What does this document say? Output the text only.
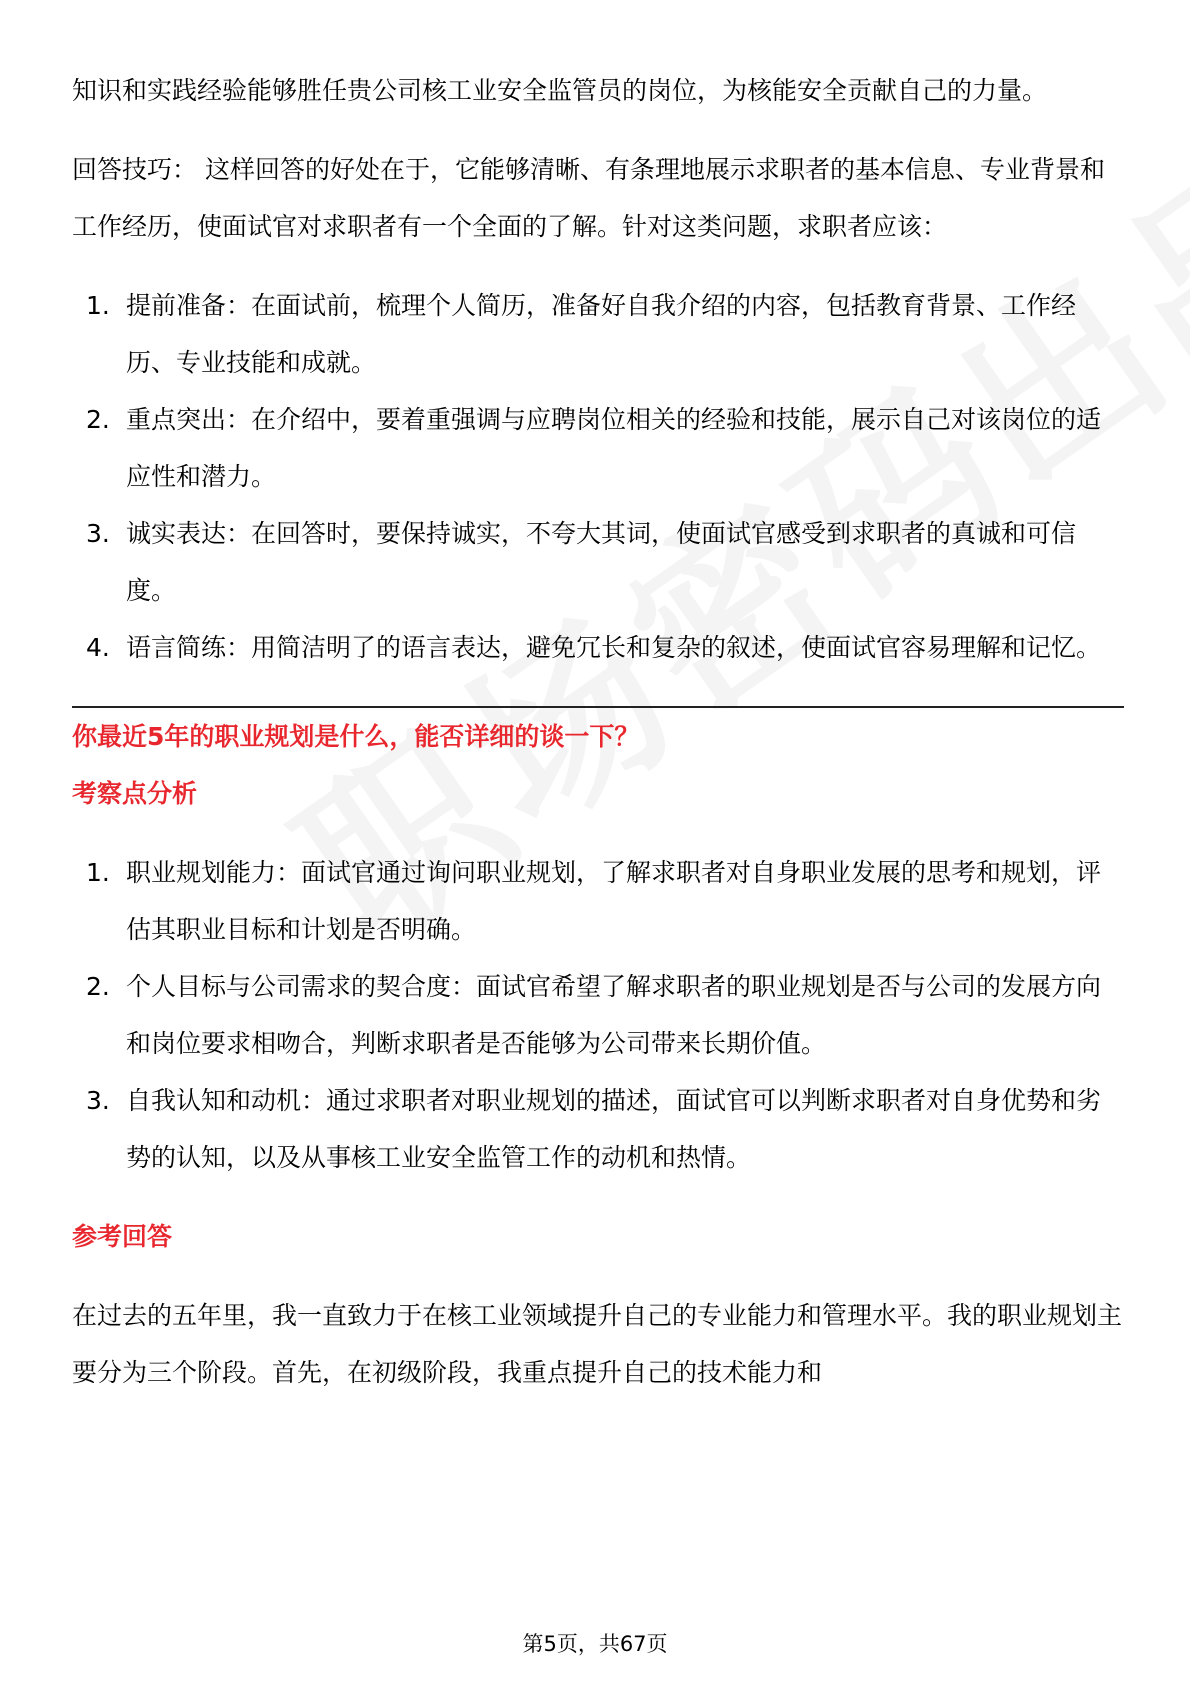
知识和实践经验能够胜任贵公司核工业安全监管员的岗位，为核能安全贡献自己的力量。

回答技巧： 这样回答的好处在于，它能够清晰、有条理地展示求职者的基本信息、专业背景和工作经历，使面试官对求职者有一个全面的了解。针对这类问题，求职者应该：

1. 提前准备：在面试前，梳理个人简历，准备好自我介绍的内容，包括教育背景、工作经历、专业技能和成就。
2. 重点突出：在介绍中，要着重强调与应聘岗位相关的经验和技能，展示自己对该岗位的适应性和潜力。
3. 诚实表达：在回答时，要保持诚实，不夸大其词，使面试官感受到求职者的真诚和可信度。
4. 语言简练：用简洁明了的语言表达，避免冗长和复杂的叙述，使面试官容易理解和记忆。

你最近5年的职业规划是什么，能否详细的谈一下？

考察点分析

1. 职业规划能力：面试官通过询问职业规划，了解求职者对自身职业发展的思考和规划，评估其职业目标和计划是否明确。
2. 个人目标与公司需求的契合度：面试官希望了解求职者的职业规划是否与公司的发展方向和岗位要求相吻合，判断求职者是否能够为公司带来长期价值。
3. 自我认知和动机：通过求职者对职业规划的描述，面试官可以判断求职者对自身优势和劣势的认知，以及从事核工业安全监管工作的动机和热情。

参考回答

在过去的五年里，我一直致力于在核工业领域提升自己的专业能力和管理水平。我的职业规划主要分为三个阶段。首先，在初级阶段，我重点提升自己的技术能力和

第5页，共67页
